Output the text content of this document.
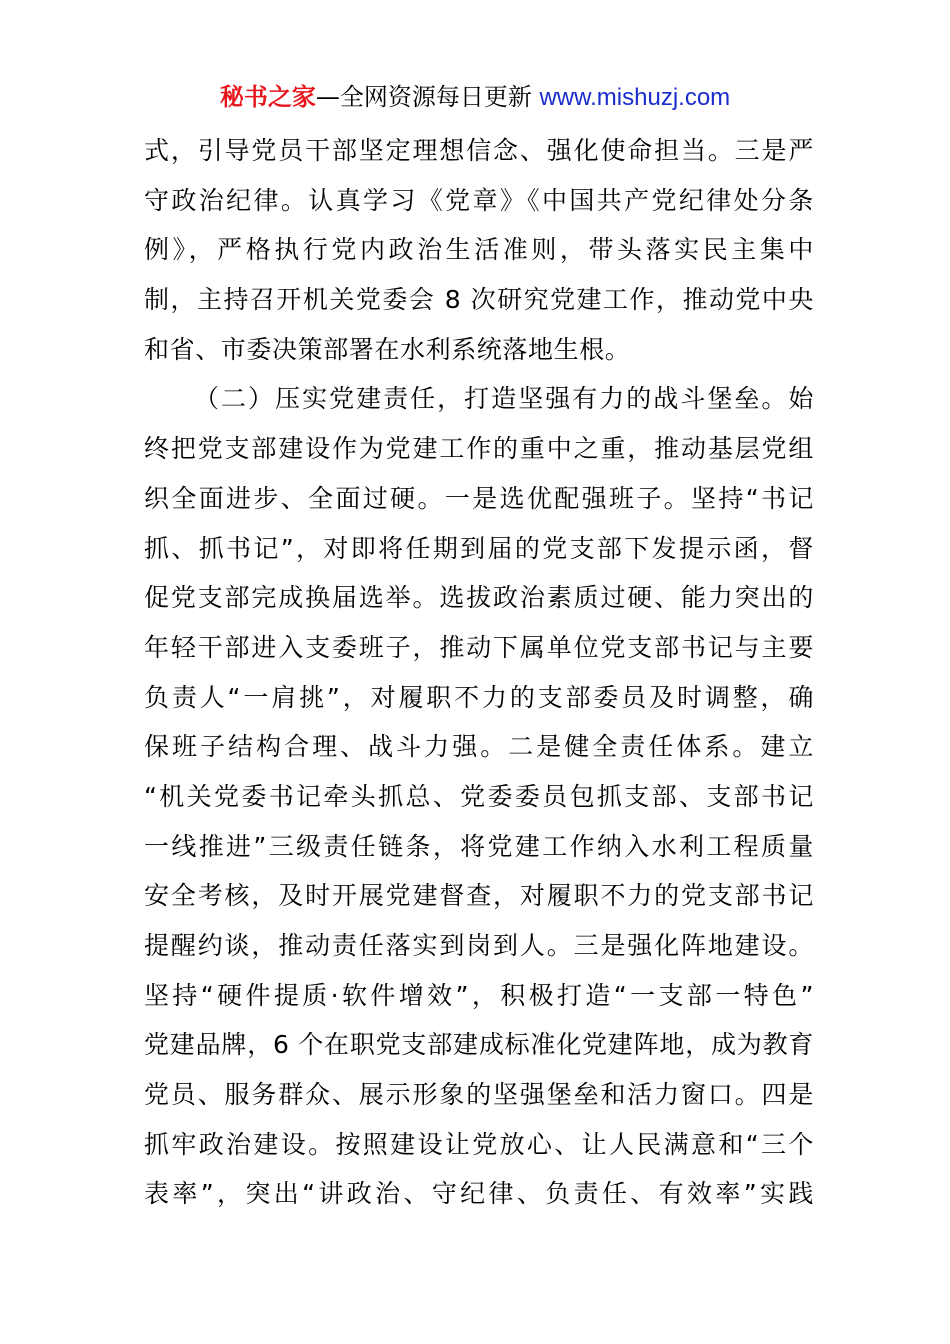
秘书之家—全网资源每日更新 www.mishuzj.com
式，引导党员干部坚定理想信念、强化使命担当。三是严
守政治纪律。认真学习《党章》《中国共产党纪律处分条
例》，严格执行党内政治生活准则，带头落实民主集中
制，主持召开机关党委会 8 次研究党建工作，推动党中央
和省、市委决策部署在水利系统落地生根。
（二）压实党建责任，打造坚强有力的战斗堡垒。始
终把党支部建设作为党建工作的重中之重，推动基层党组
织全面进步、全面过硬。一是选优配强班子。坚持“书记
抓、抓书记”，对即将任期到届的党支部下发提示函，督
促党支部完成换届选举。选拔政治素质过硬、能力突出的
年轻干部进入支委班子，推动下属单位党支部书记与主要
负责人“一肩挑”，对履职不力的支部委员及时调整，确
保班子结构合理、战斗力强。二是健全责任体系。建立
“机关党委书记牵头抓总、党委委员包抓支部、支部书记
一线推进”三级责任链条，将党建工作纳入水利工程质量
安全考核，及时开展党建督查，对履职不力的党支部书记
提醒约谈，推动责任落实到岗到人。三是强化阵地建设。
坚持“硬件提质·软件增效”，积极打造“一支部一特色”
党建品牌，6 个在职党支部建成标准化党建阵地，成为教育
党员、服务群众、展示形象的坚强堡垒和活力窗口。四是
抓牢政治建设。按照建设让党放心、让人民满意和“三个
表率”，突出“讲政治、守纪律、负责任、有效率”实践
